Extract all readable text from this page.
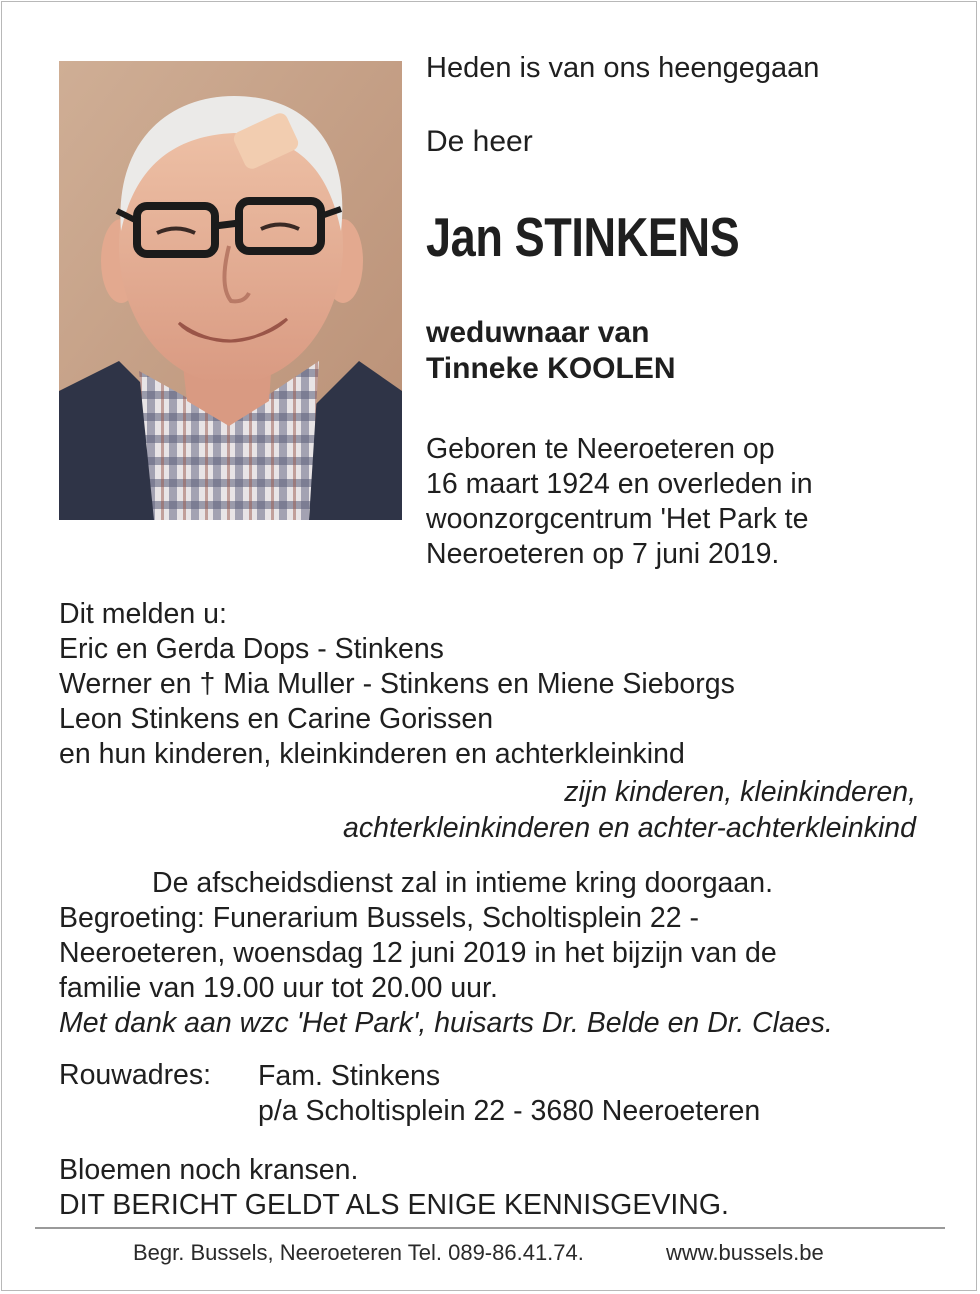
Heden is van ons heengegaan
De heer
Jan STINKENS
weduwnaar van
Tinneke KOOLEN
Geboren te Neeroeteren op
16 maart 1924 en overleden in
woonzorgcentrum 'Het Park te
Neeroeteren op 7 juni 2019.
Dit melden u:
Eric en Gerda Dops - Stinkens
Werner en † Mia Muller - Stinkens en Miene Sieborgs
Leon Stinkens en Carine Gorissen
en hun kinderen, kleinkinderen en achterkleinkind
zijn kinderen, kleinkinderen,
achterkleinkinderen en achter-achterkleinkind
De afscheidsdienst zal in intieme kring doorgaan.
Begroeting: Funerarium Bussels, Scholtisplein 22 -
Neeroeteren, woensdag 12 juni 2019 in het bijzijn van de
familie van 19.00 uur tot 20.00 uur.
Met dank aan wzc 'Het Park', huisarts Dr. Belde en Dr. Claes.
Rouwadres: Fam. Stinkens
p/a Scholtisplein 22 - 3680 Neeroeteren
Bloemen noch kransen.
DIT BERICHT GELDT ALS ENIGE KENNISGEVING.
Begr. Bussels, Neeroeteren Tel. 089-86.41.74.	www.bussels.be
